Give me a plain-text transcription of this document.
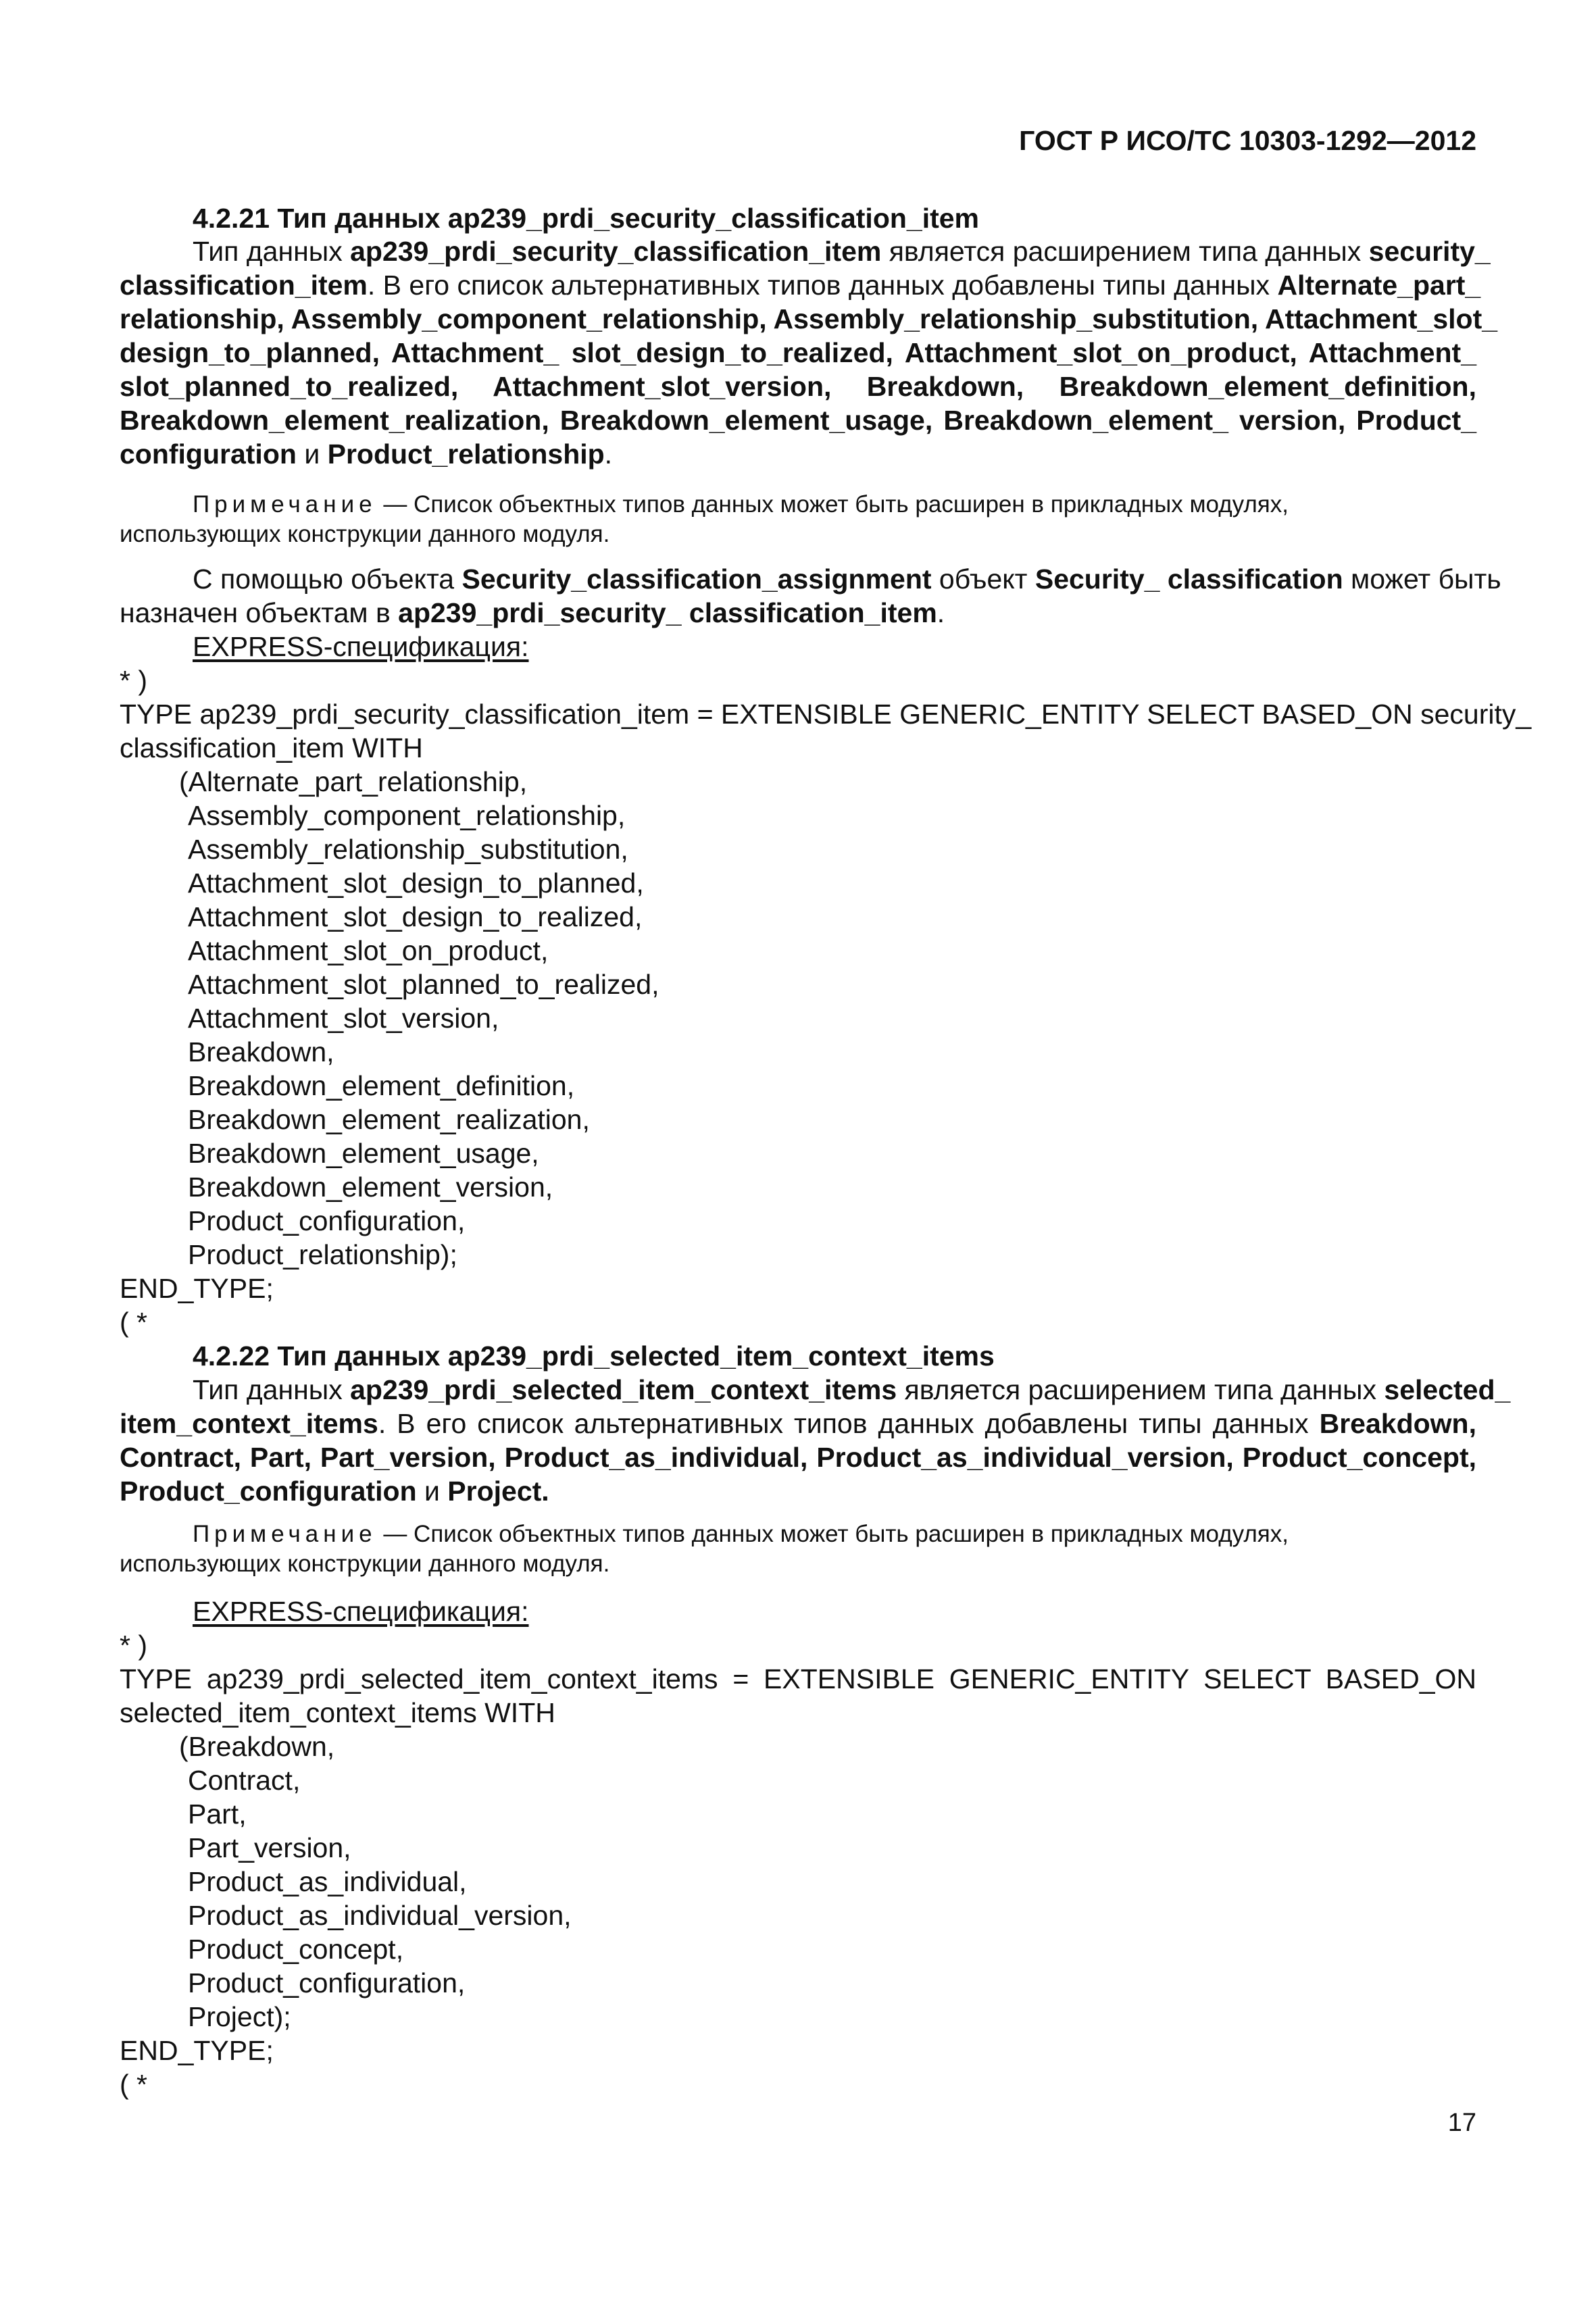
ГОСТ Р ИСО/ТС 10303-1292—2012
4.2.21 Тип данных ap239_prdi_security_classification_item
Тип данных ap239_prdi_security_classification_item является расширением типа данных security_
classification_item. В его список альтернативных типов данных добавлены типы данных Alternate_part_
relationship, Assembly_component_relationship, Assembly_relationship_substitution, Attachment_slot_
design_to_planned, Attachment_ slot_design_to_realized, Attachment_slot_on_product, Attachment_
slot_planned_to_realized, Attachment_slot_version, Breakdown, Breakdown_element_definition,
Breakdown_element_realization, Breakdown_element_usage, Breakdown_element_ version, Product_
configuration и Product_relationship.
Примечание — Список объектных типов данных может быть расширен в прикладных модулях,
использующих конструкции данного модуля.
С помощью объекта Security_classification_assignment объект Security_ classification может быть
назначен объектам в ap239_prdi_security_ classification_item.
EXPRESS-спецификация:
* )
TYPE ap239_prdi_security_classification_item = EXTENSIBLE GENERIC_ENTITY SELECT BASED_ON security_
classification_item WITH
(Alternate_part_relationship,
Assembly_component_relationship,
Assembly_relationship_substitution,
Attachment_slot_design_to_planned,
Attachment_slot_design_to_realized,
Attachment_slot_on_product,
Attachment_slot_planned_to_realized,
Attachment_slot_version,
Breakdown,
Breakdown_element_definition,
Breakdown_element_realization,
Breakdown_element_usage,
Breakdown_element_version,
Product_configuration,
Product_relationship);
END_TYPE;
( *
4.2.22 Тип данных ap239_prdi_selected_item_context_items
Тип данных ap239_prdi_selected_item_context_items является расширением типа данных selected_
item_context_items. В его список альтернативных типов данных добавлены типы данных Breakdown,
Contract, Part, Part_version, Product_as_individual, Product_as_individual_version, Product_concept,
Product_configuration и Project.
Примечание — Список объектных типов данных может быть расширен в прикладных модулях,
использующих конструкции данного модуля.
EXPRESS-спецификация:
* )
TYPE ap239_prdi_selected_item_context_items = EXTENSIBLE GENERIC_ENTITY SELECT BASED_ON
selected_item_context_items WITH
(Breakdown,
Contract,
Part,
Part_version,
Product_as_individual,
Product_as_individual_version,
Product_concept,
Product_configuration,
Project);
END_TYPE;
( *
17
